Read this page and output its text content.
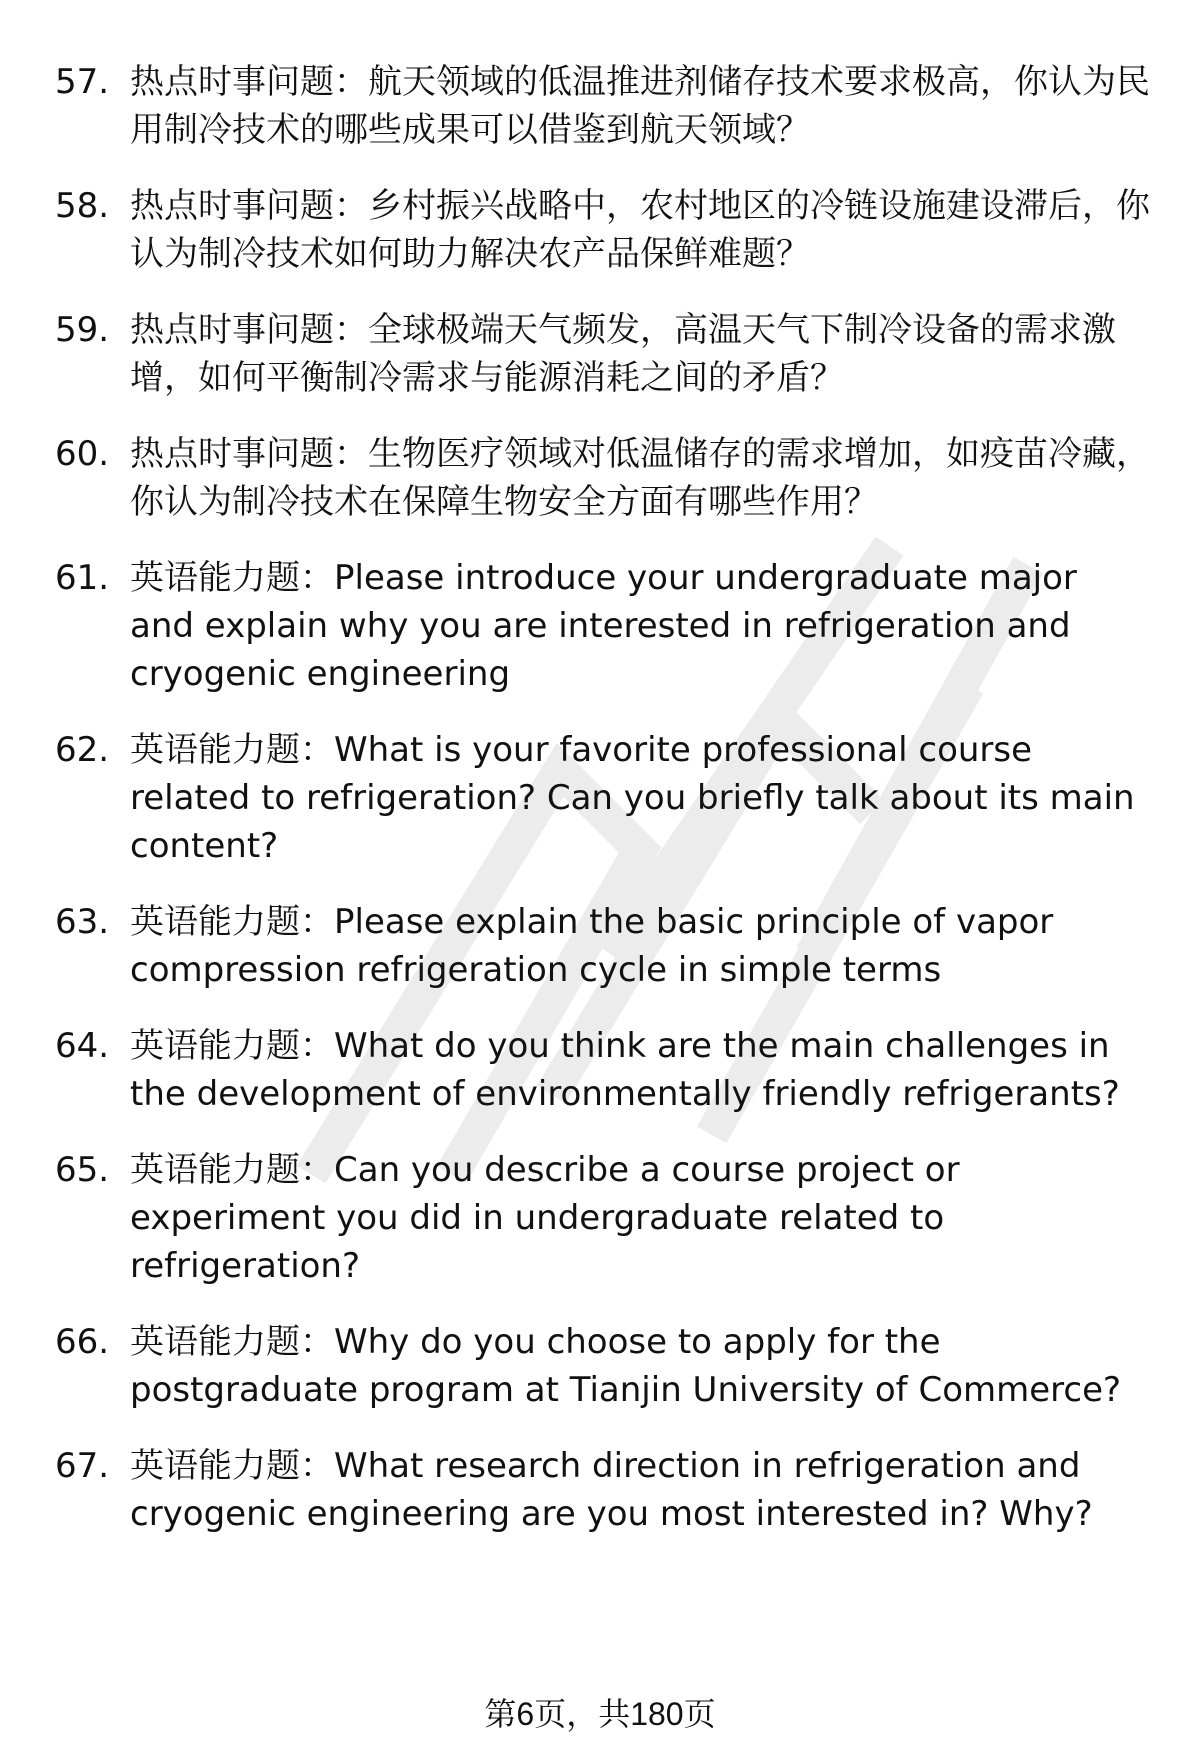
57. 热点时事问题：航天领域的低温推进剂储存技术要求极高，你认为民用制冷技术的哪些成果可以借鉴到航天领域？
58. 热点时事问题：乡村振兴战略中，农村地区的冷链设施建设滞后，你认为制冷技术如何助力解决农产品保鲜难题？
59. 热点时事问题：全球极端天气频发，高温天气下制冷设备的需求激增，如何平衡制冷需求与能源消耗之间的矛盾？
60. 热点时事问题：生物医疗领域对低温储存的需求增加，如疫苗冷藏，你认为制冷技术在保障生物安全方面有哪些作用？
61. 英语能力题：Please introduce your undergraduate major and explain why you are interested in refrigeration and cryogenic engineering
62. 英语能力题：What is your favorite professional course related to refrigeration? Can you briefly talk about its main content?
63. 英语能力题：Please explain the basic principle of vapor compression refrigeration cycle in simple terms
64. 英语能力题：What do you think are the main challenges in the development of environmentally friendly refrigerants?
65. 英语能力题：Can you describe a course project or experiment you did in undergraduate related to refrigeration?
66. 英语能力题：Why do you choose to apply for the postgraduate program at Tianjin University of Commerce?
67. 英语能力题：What research direction in refrigeration and cryogenic engineering are you most interested in? Why?
第6页，共180页
